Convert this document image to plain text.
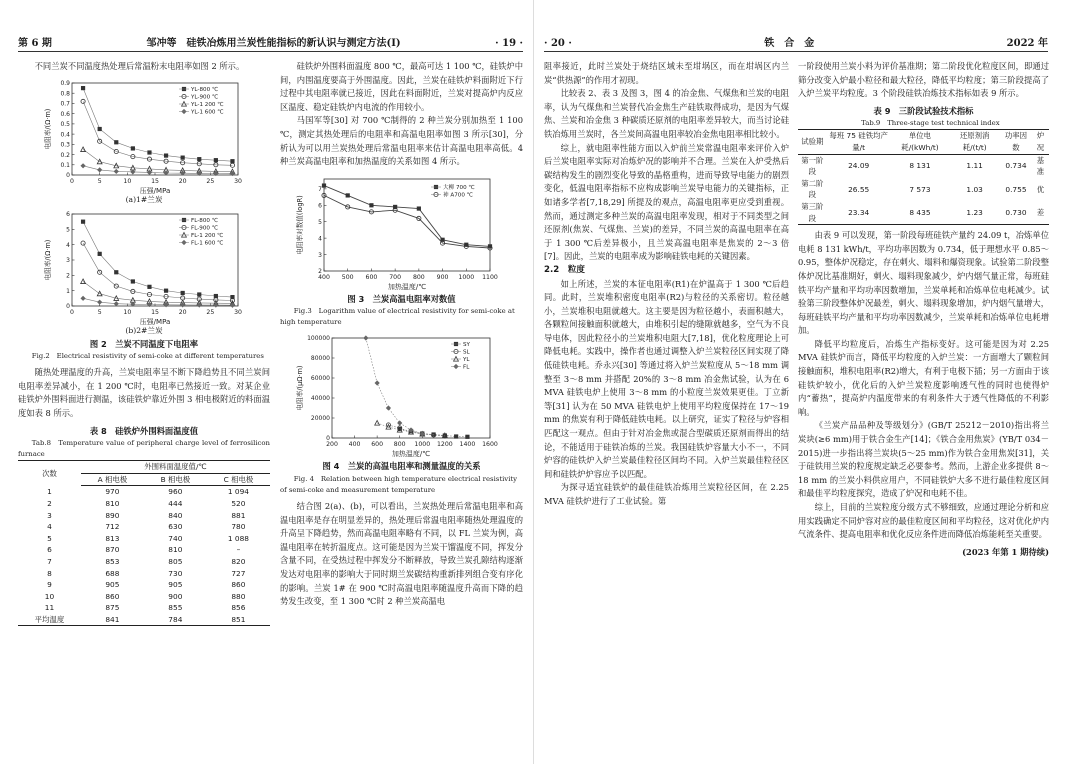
第 6 期	邹冲等　硅铁冶炼用兰炭性能指标的新认识与测定方法(Ⅰ)	· 19 ·

不同兰炭不同温度热处理后常温粉末电阻率如图 2 所示。

0	5	10	15	20	25	30
0
0.1
0.2
0.3
0.4
0.5
0.6
0.7
0.8
0.9
压强/MPa
电阻率/(Ω·m)
YL-800 ℃
YL-900 ℃
YL-1 200 ℃
YL-1 600 ℃
(a)1#兰炭
0	5	10	15	20	25	30
0
1
2
3
4
5
6
压强/MPa
电阻率/(Ω·m)
FL-800 ℃
FL-900 ℃
FL-1 200 ℃
FL-1 600 ℃
(b)2#兰炭
图 2　兰炭不同温度下电阻率

Fig.2　Electrical resistivity of semi-coke at different temperatures

随热处理温度的升高，兰炭电阻率呈不断下降趋势且不同兰炭间电阻率差异减小，在 1 200 ℃时，电阻率已然接近一致。对某企业硅铁炉外围料面进行测温，该硅铁炉靠近外围 3 相电极附近的料面温度如表 8 所示。

表 8　硅铁炉外围料面温度值

Tab.8　Temperature value of peripheral charge level of ferrosilicon furnace

次数	外围料面温度值/℃		
	A 相电极	B 相电极	C 相电极
1	970	960	1 094
2	810	444	520
3	890	840	881
4	712	630	780
5	813	740	1 088
6	870	810	–
7	853	805	820
8	688	730	727
9	905	905	860
10	860	900	880
11	875	855	856
平均温度	841	784	851

硅铁炉外围料面温度 800 ℃，最高可达 1 100 ℃，硅铁炉中间，内围温度要高于外围温度。因此，兰炭在硅铁炉料面附近下行过程中其电阻率就已接近，因此在料面附近，兰炭对提高炉内反应区温度、稳定硅铁炉内电流的作用较小。

马国军等[30] 对 700 ℃制得的 2 种兰炭分别加热至 1 100 ℃，测定其热处理后的电阻率和高温电阻率如图 3 所示[30]，分析认为可以用兰炭热处理后常温电阻率来估计高温电阻率高低。4 种兰炭高温电阻率和加热温度的关系如图 4 所示。

400 500 600 700 800 900 1000 1100
2
3
4
5
6
7
加热温度/℃
电阻率对数值(logR)
大柳 700 ℃
神 A700 ℃
图 3　兰炭高温电阻率对数值

Fig.3　Logarithm value of electrical resistivity for semi-coke at high temperature

200 400 600 800 1000 1200 1400 1600
0
20000
40000
60000
80000
100000
加热温度/℃
电阻率/(μΩ·m)
SY
SL
YL
FL
图 4　兰炭的高温电阻率和测量温度的关系

Fig. 4　Relation between high temperature electrical resistivity of semi-coke and measurement temperature

结合图 2(a)、(b)，可以看出，兰炭热处理后常温电阻率和高温电阻率是存在明显差异的，热处理后常温电阻率随热处理温度的升高呈下降趋势，然而高温电阻率略有不同，以 FL 兰炭为例，高温电阻率在转折温度点。这可能是因为兰炭干馏温度不同，挥发分含量不同，在受热过程中挥发分不断释放，导致兰炭孔隙结构逐渐发达对电阻率的影响大于同时期兰炭碳结构重新排列组合变有序化的影响。兰炭 1# 在 900 ℃时高温电阻率随温度升高而下降的趋势发生改变，至 1 300 ℃时 2 种兰炭高温电

· 20 ·	铁　合　金	2022 年

阻率接近，此时兰炭处于烧结区域未至坩埚区，而在坩埚区内兰炭“供热源”的作用才初现。

比较表 2、表 3 及图 3，图 4 的冶金焦、气煤焦和兰炭的电阻率，认为气煤焦和兰炭替代冶金焦生产硅铁取得成功，是因为气煤焦、兰炭和冶金焦 3 种碳质还原剂的电阻率差异较大，而当讨论硅铁冶炼用兰炭时，各兰炭间高温电阻率较冶金焦电阻率相比较小。

综上，就电阻率性能方面以入炉前兰炭常温电阻率来评价入炉后兰炭电阻率实际对冶炼炉况的影响并不合理。兰炭在入炉受热后碳结构发生的剧烈变化导致的晶格重构，进而导致导电能力的剧烈变化，低温电阻率指标不应构成影响兰炭导电能力的关键指标，正如诸多学者[7,18,29] 所提及的观点，高温电阻率更应受到重视。然而，通过测定多种兰炭的高温电阻率发现，相对于不同类型之间还原剂(焦炭、气煤焦、兰炭)的差异，不同兰炭的高温电阻率在高于 1 300 ℃后差异极小，且兰炭高温电阻率是焦炭的 2～3 倍[7]。因此，兰炭的电阻率成为影响硅铁电耗的关键因素。

2.2　粒度

如上所述，兰炭的本征电阻率(R1)在炉温高于 1 300 ℃后趋同。此时，兰炭堆积密度电阻率(R2)与粒径的关系密切。粒径越小，兰炭堆积电阻就越大。这主要是因为粒径越小，表面积越大，各颗粒间接触面积就越大，由堆积引起的缝隙就越多，空气为不良导电体，因此粒径小的兰炭堆积电阻大[7,18]，优化粒度理论上可降低电耗。实践中，操作者也通过调整入炉兰炭粒径区间实现了降低硅铁电耗。乔永兴[30] 等通过将入炉兰炭粒度从 5～18 mm 调整至 3～8 mm 并搭配 20%的 3～8 mm 冶金焦试验，认为在 6 MVA 硅铁电炉上使用 3～8 mm 的小粒度兰炭效果更佳。丁立新等[31] 认为在 50 MVA 硅铁电炉上使用平均粒度保持在 17～19 mm 的焦炭有利于降低硅铁电耗。以上研究，证实了粒径与炉容相匹配这一观点。但由于针对冶金焦或混合型碳质还原剂而得出的结论，不能适用于硅铁冶炼的兰炭。我国硅铁炉容量大小不一，不同炉容的硅铁炉入炉兰炭最佳粒径区间均不同。入炉兰炭最佳粒径区间和硅铁炉炉容应予以匹配。

为探寻适宜硅铁炉的最佳硅铁冶炼用兰炭粒径区间，在 2.25 MVA 硅铁炉进行了工业试验。第

一阶段使用兰炭小料为评价基准期；第二阶段优化粒度区间，即通过筛分改变入炉最小粒径和最大粒径，降低平均粒度；第三阶段提高了入炉兰炭平均粒度。3 个阶段硅铁冶炼技术指标如表 9 所示。

表 9　三阶段试验技术指标

Tab.9　Three-stage test technical index

试验期	每班 75 硅铁均产量/t	单位电耗/(kWh/t)	还原剂消耗/(t/t)	功率因数	炉况
第一阶段	24.09	8 131	1.11	0.734	基准
第二阶段	26.55	7 573	1.03	0.755	优
第三阶段	23.34	8 435	1.23	0.730	差

由表 9 可以发现，第一阶段每班硅铁产量约 24.09 t，冶炼单位电耗 8 131 kWh/t，平均功率因数为 0.734，低于理想水平 0.85～0.95，整体炉况稳定，存在刺火、塌料和爆资现象。试验第二阶段整体炉况比基准期好，刺火、塌料现象减少，炉内烟气量正常，每班硅铁平均产量和平均功率因数增加，兰炭单耗和冶炼单位电耗减少。试验第三阶段整体炉况最差，刺火、塌料现象增加，炉内烟气量增大，每班硅铁平均产量和平均功率因数减少，兰炭单耗和冶炼单位电耗增加。

降低平均粒度后，冶炼生产指标变好。这可能是因为对 2.25 MVA 硅铁炉而言，降低平均粒度的入炉兰炭：一方面增大了颗粒间接触面积，堆积电阻率(R2)增大，有利于电极下插；另一方面由于该硅铁炉较小，优化后的入炉兰炭粒度影响透气性的同时也使得炉内“蓄热”，提高炉内温度带来的有利条件大于透气性降低的不利影响。

《兰炭产品品种及等级划分》(GB/T 25212－2010)指出将兰炭块(≥6 mm)用于铁合金生产[14]；《铁合金用焦炭》(YB/T 034－2015)进一步指出将兰炭块(5～25 mm)作为铁合金用焦炭[31]，关于硅铁用兰炭的粒度规定缺乏必要参考。然而，上游企业多提供 8～18 mm 的兰炭小料供应用户，不同硅铁炉大多不进行最佳粒度区间和最佳平均粒度探究，造成了炉况和电耗不佳。

综上，目前的兰炭粒度分级方式不够细致，应通过理论分析和应用实践确定不同炉容对应的最佳粒度区间和平均粒径，这对优化炉内气流条件、提高电阻率和优化反应条件进而降低冶炼能耗至关重要。

(2023 年第 1 期待续)
